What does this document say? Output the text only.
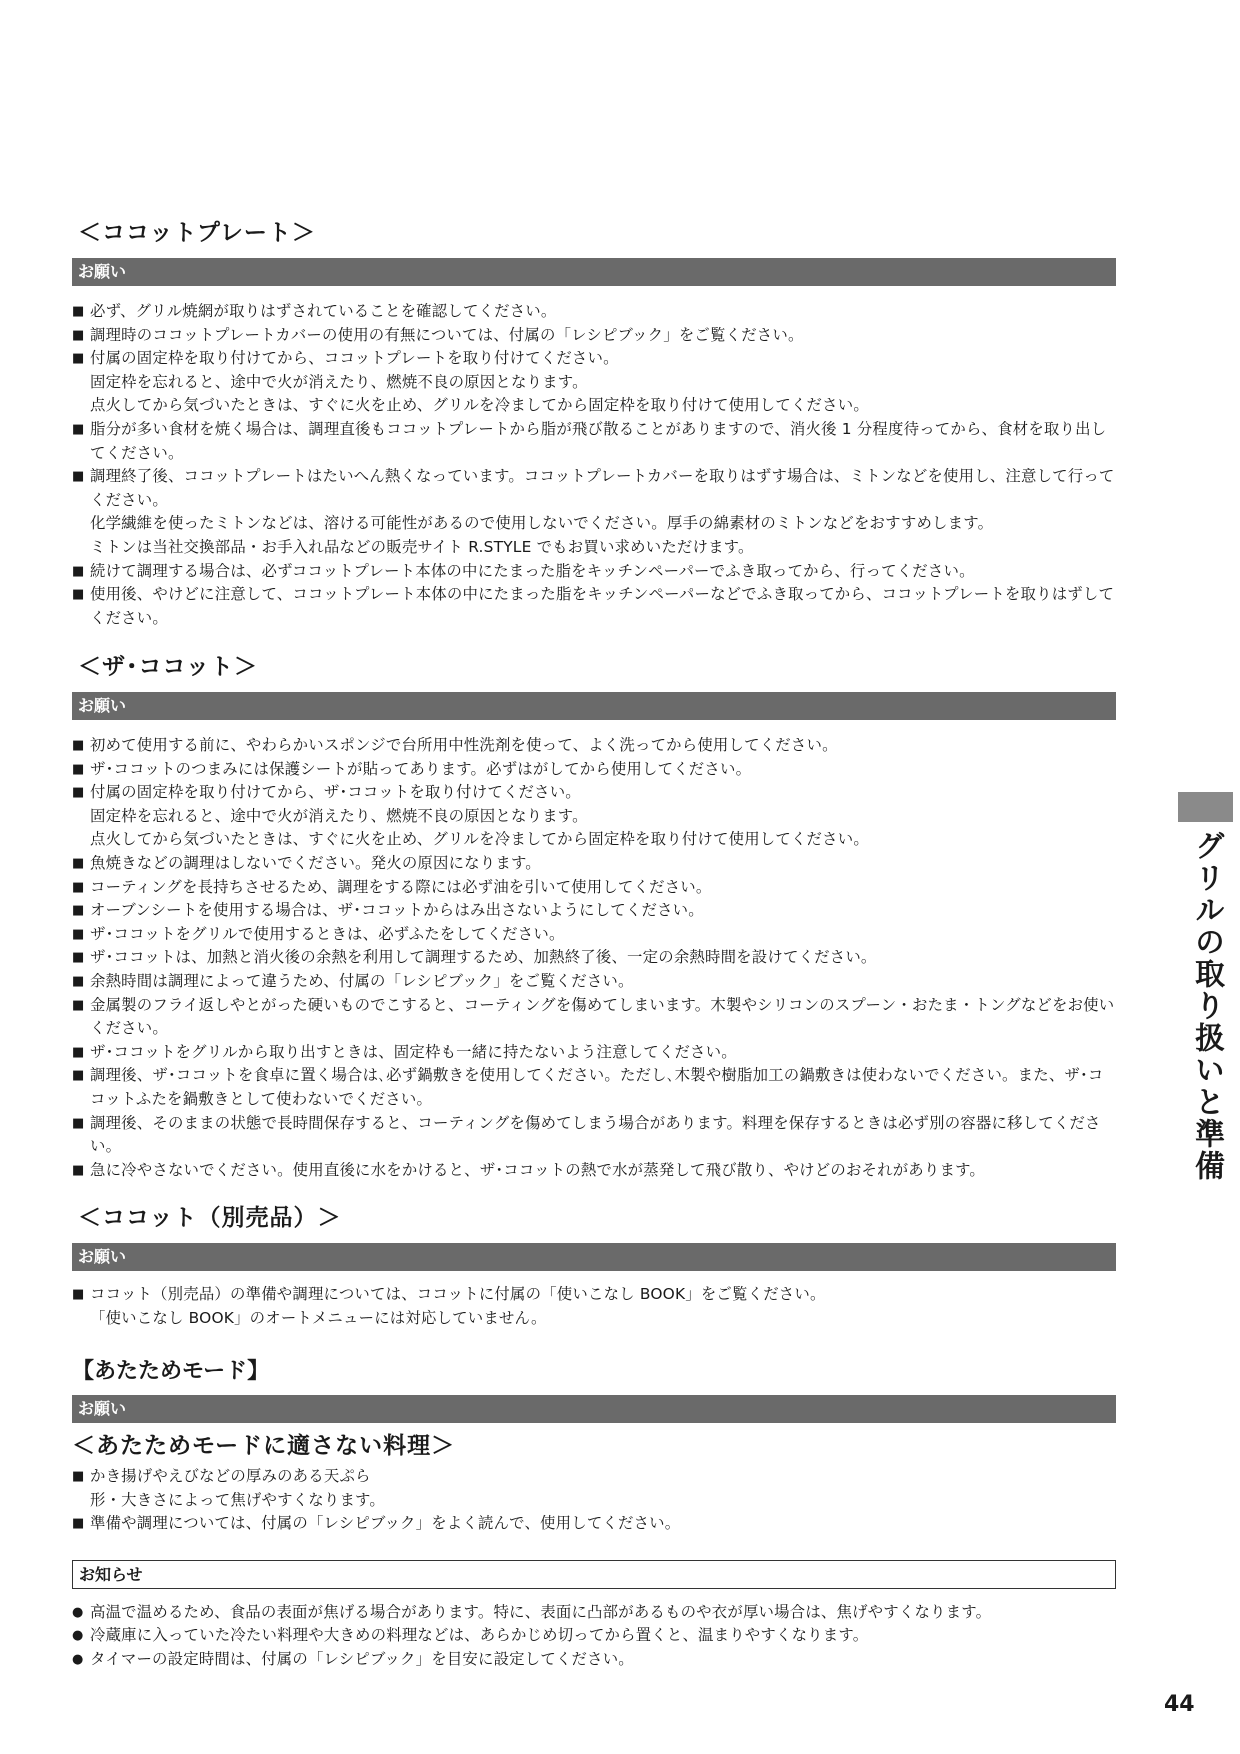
＜ココットプレート＞
お願い
■ 必ず、グリル焼網が取りはずされていることを確認してください。
■ 調理時のココットプレートカバーの使用の有無については、付属の「レシピブック」をご覧ください。
■ 付属の固定枠を取り付けてから、ココットプレートを取り付けてください。
固定枠を忘れると、途中で火が消えたり、燃焼不良の原因となります。
点火してから気づいたときは、すぐに火を止め、グリルを冷ましてから固定枠を取り付けて使用してください。
■ 脂分が多い食材を焼く場合は、調理直後もココットプレートから脂が飛び散ることがありますので、消火後 1 分程度待ってから、食材を取り出してください。
■ 調理終了後、ココットプレートはたいへん熱くなっています。ココットプレートカバーを取りはずす場合は、ミトンなどを使用し、注意して行ってください。
化学繊維を使ったミトンなどは、溶ける可能性があるので使用しないでください。厚手の綿素材のミトンなどをおすすめします。
ミトンは当社交換部品・お手入れ品などの販売サイト R.STYLE でもお買い求めいただけます。
■ 続けて調理する場合は、必ずココットプレート本体の中にたまった脂をキッチンペーパーでふき取ってから、行ってください。
■ 使用後、やけどに注意して、ココットプレート本体の中にたまった脂をキッチンペーパーなどでふき取ってから、ココットプレートを取りはずしてください。
＜ザ･ココット＞
お願い
■ 初めて使用する前に、やわらかいスポンジで台所用中性洗剤を使って、よく洗ってから使用してください。
■ ザ･ココットのつまみには保護シートが貼ってあります。必ずはがしてから使用してください。
■ 付属の固定枠を取り付けてから、ザ･ココットを取り付けてください。
固定枠を忘れると、途中で火が消えたり、燃焼不良の原因となります。
点火してから気づいたときは、すぐに火を止め、グリルを冷ましてから固定枠を取り付けて使用してください。
■ 魚焼きなどの調理はしないでください。発火の原因になります。
■ コーティングを長持ちさせるため、調理をする際には必ず油を引いて使用してください。
■ オーブンシートを使用する場合は、ザ･ココットからはみ出さないようにしてください。
■ ザ･ココットをグリルで使用するときは、必ずふたをしてください。
■ ザ･ココットは、加熱と消火後の余熱を利用して調理するため、加熱終了後、一定の余熱時間を設けてください。
■ 余熱時間は調理によって違うため、付属の「レシピブック」をご覧ください。
■ 金属製のフライ返しやとがった硬いものでこすると、コーティングを傷めてしまいます。木製やシリコンのスプーン・おたま・トングなどをお使いください。
■ ザ･ココットをグリルから取り出すときは、固定枠も一緒に持たないよう注意してください。
■ 調理後、ザ･ココットを食卓に置く場合は､必ず鍋敷きを使用してください。ただし､木製や樹脂加工の鍋敷きは使わないでください。また、ザ･ココットふたを鍋敷きとして使わないでください。
■ 調理後、そのままの状態で長時間保存すると、コーティングを傷めてしまう場合があります。料理を保存するときは必ず別の容器に移してください。
■ 急に冷やさないでください。使用直後に水をかけると、ザ･ココットの熱で水が蒸発して飛び散り、やけどのおそれがあります。
＜ココット（別売品）＞
お願い
■ ココット（別売品）の準備や調理については、ココットに付属の「使いこなし BOOK」をご覧ください。
「使いこなし BOOK」のオートメニューには対応していません。
【あたためモード】
お願い
＜あたためモードに適さない料理＞
■ かき揚げやえびなどの厚みのある天ぷら
形・大きさによって焦げやすくなります。
■ 準備や調理については、付属の「レシピブック」をよく読んで、使用してください。
お知らせ
● 高温で温めるため、食品の表面が焦げる場合があります。特に、表面に凸部があるものや衣が厚い場合は、焦げやすくなります。
● 冷蔵庫に入っていた冷たい料理や大きめの料理などは、あらかじめ切ってから置くと、温まりやすくなります。
● タイマーの設定時間は、付属の「レシピブック」を目安に設定してください。
グリルの取り扱いと準備
44
